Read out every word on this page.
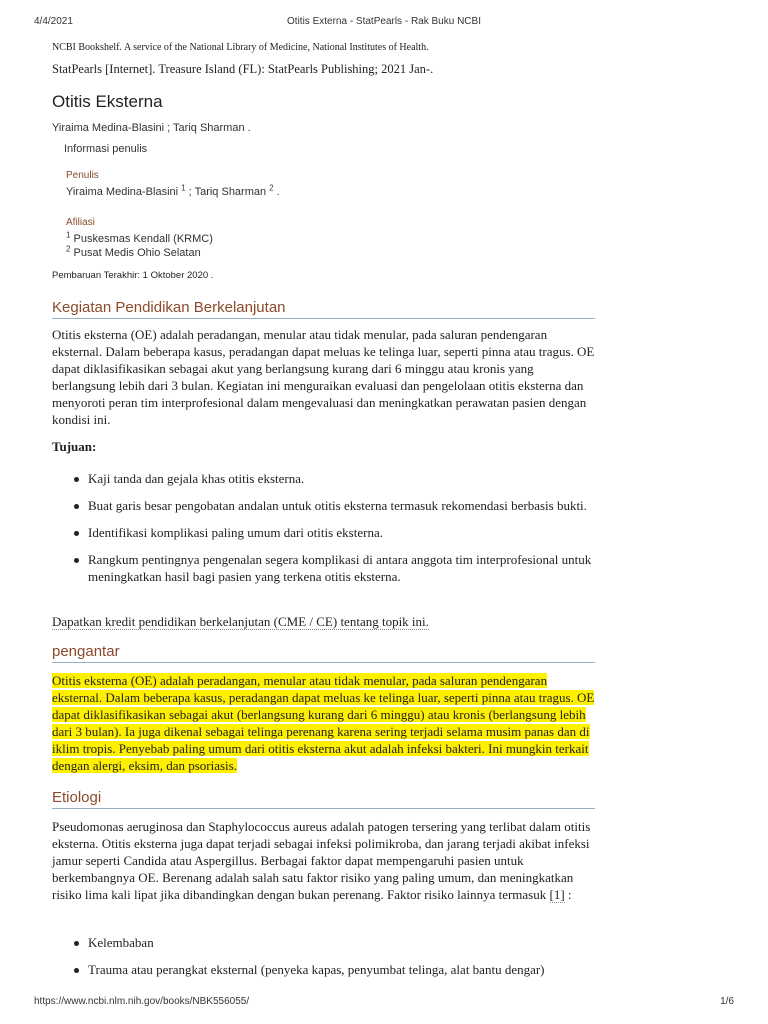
4/4/2021	Otitis Externa - StatPearls - Rak Buku NCBI
NCBI Bookshelf. A service of the National Library of Medicine, National Institutes of Health.
StatPearls [Internet]. Treasure Island (FL): StatPearls Publishing; 2021 Jan-.
Otitis Eksterna
Yiraima Medina-Blasini ; Tariq Sharman .
Informasi penulis
Penulis
Yiraima Medina-Blasini $^1$ ; Tariq Sharman $^2$ .
Afiliasi
$^1$ Puskesmas Kendall (KRMC)
$^2$ Pusat Medis Ohio Selatan
Pembaruan Terakhir: 1 Oktober 2020 .
Kegiatan Pendidikan Berkelanjutan

Otitis eksterna (OE) adalah peradangan, menular atau tidak menular, pada saluran pendengaran eksternal. Dalam beberapa kasus, peradangan dapat meluas ke telinga luar, seperti pinna atau tragus. OE dapat diklasifikasikan sebagai akut yang berlangsung kurang dari 6 minggu atau kronis yang berlangsung lebih dari 3 bulan. Kegiatan ini menguraikan evaluasi dan pengelolaan otitis eksterna dan menyoroti peran tim interprofesional dalam mengevaluasi dan meningkatkan perawatan pasien dengan kondisi ini.

Tujuan:
Kaji tanda dan gejala khas otitis eksterna.
Buat garis besar pengobatan andalan untuk otitis eksterna termasuk rekomendasi berbasis bukti.
Identifikasi komplikasi paling umum dari otitis eksterna.
Rangkum pentingnya pengenalan segera komplikasi di antara anggota tim interprofesional untuk meningkatkan hasil bagi pasien yang terkena otitis eksterna.

Dapatkan kredit pendidikan berkelanjutan (CME / CE) tentang topik ini.

pengantar

Otitis eksterna (OE) adalah peradangan, menular atau tidak menular, pada saluran pendengaran eksternal. Dalam beberapa kasus, peradangan dapat meluas ke telinga luar, seperti pinna atau tragus. OE dapat diklasifikasikan sebagai akut (berlangsung kurang dari 6 minggu) atau kronis (berlangsung lebih dari 3 bulan). Ia juga dikenal sebagai telinga perenang karena sering terjadi selama musim panas dan di iklim tropis. Penyebab paling umum dari otitis eksterna akut adalah infeksi bakteri. Ini mungkin terkait dengan alergi, eksim, dan psoriasis.

Etiologi

Pseudomonas aeruginosa dan Staphylococcus aureus adalah patogen tersering yang terlibat dalam otitis eksterna. Otitis eksterna juga dapat terjadi sebagai infeksi polimikroba, dan jarang terjadi akibat infeksi jamur seperti Candida atau Aspergillus. Berbagai faktor dapat mempengaruhi pasien untuk berkembangnya OE. Berenang adalah salah satu faktor risiko yang paling umum, dan meningkatkan risiko lima kali lipat jika dibandingkan dengan bukan perenang. Faktor risiko lainnya termasuk [1] :

Kelembaban
Trauma atau perangkat eksternal (penyeka kapas, penyumbat telinga, alat bantu dengar)
https://www.ncbi.nlm.nih.gov/books/NBK556055/	1/6
